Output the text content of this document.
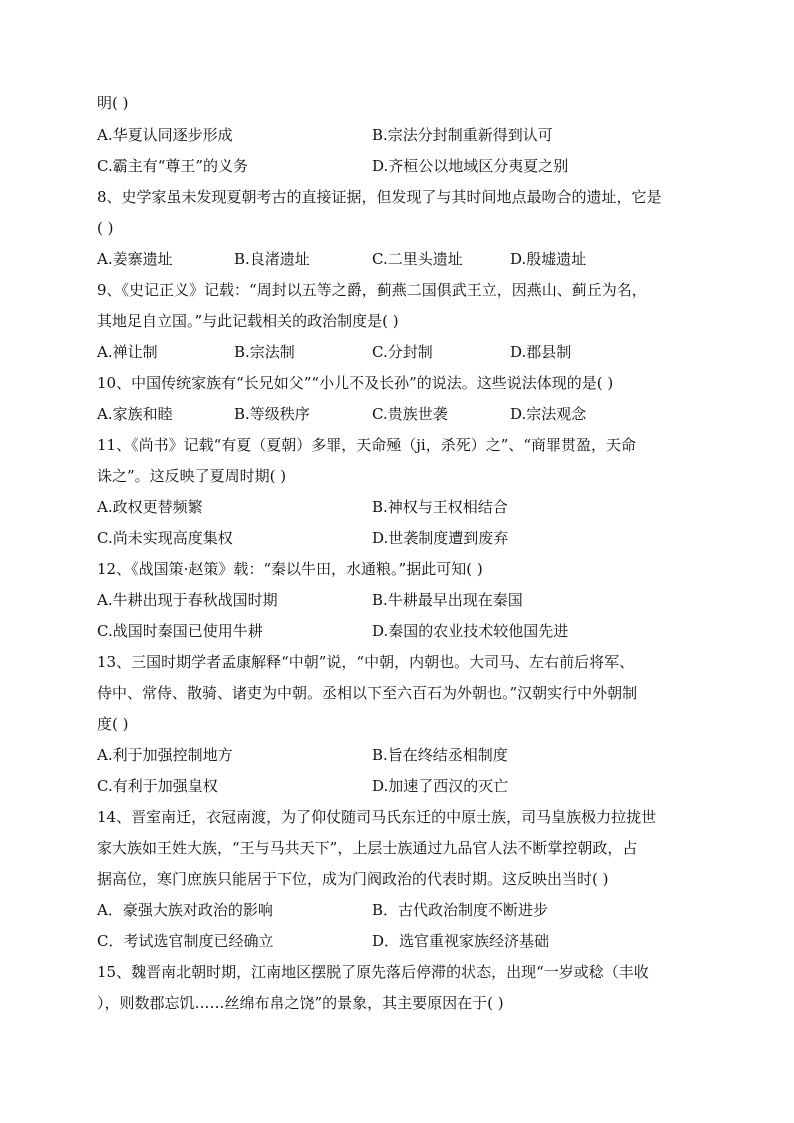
明( )
A.华夏认同逐步形成	B.宗法分封制重新得到认可
C.霸主有“尊王”的义务	D.齐桓公以地域区分夷夏之别
8、史学家虽未发现夏朝考古的直接证据，但发现了与其时间地点最吻合的遗址，它是
( )
A.姜寨遗址	B.良渚遗址	C.二里头遗址	D.殷墟遗址
9、《史记正义》记载：“周封以五等之爵，蓟燕二国俱武王立，因燕山、蓟丘为名，
其地足自立国。”与此记载相关的政治制度是( )
A.禅让制	B.宗法制	C.分封制	D.郡县制
10、中国传统家族有“长兄如父”“小儿不及长孙”的说法。这些说法体现的是( )
A.家族和睦	B.等级秩序	C.贵族世袭	D.宗法观念
11、《尚书》记载“有夏（夏朝）多罪，天命殛（ji，杀死）之”、“商罪贯盈，天命
诛之”。这反映了夏周时期( )
A.政权更替频繁	B.神权与王权相结合
C.尚未实现高度集权	D.世袭制度遭到废弃
12、《战国策·赵策》载：“秦以牛田，水通粮。”据此可知( )
A.牛耕出现于春秋战国时期	B.牛耕最早出现在秦国
C.战国时秦国已使用牛耕	D.秦国的农业技术较他国先进
13、三国时期学者孟康解释“中朝”说，“中朝，内朝也。大司马、左右前后将军、
侍中、常侍、散骑、诸吏为中朝。丞相以下至六百石为外朝也。”汉朝实行中外朝制
度( )
A.利于加强控制地方	B.旨在终结丞相制度
C.有利于加强皇权	D.加速了西汉的灭亡
14、晋室南迁，衣冠南渡，为了仰仗随司马氏东迁的中原士族，司马皇族极力拉拢世
家大族如王姓大族，“王与马共天下”，上层士族通过九品官人法不断掌控朝政，占
据高位，寒门庶族只能居于下位，成为门阀政治的代表时期。这反映出当时( )
A．豪强大族对政治的影响	B．古代政治制度不断进步
C．考试选官制度已经确立	D．选官重视家族经济基础
15、魏晋南北朝时期，江南地区摆脱了原先落后停滞的状态，出现“一岁或稔（丰收
），则数郡忘饥……丝绵布帛之饶”的景象，其主要原因在于( )
